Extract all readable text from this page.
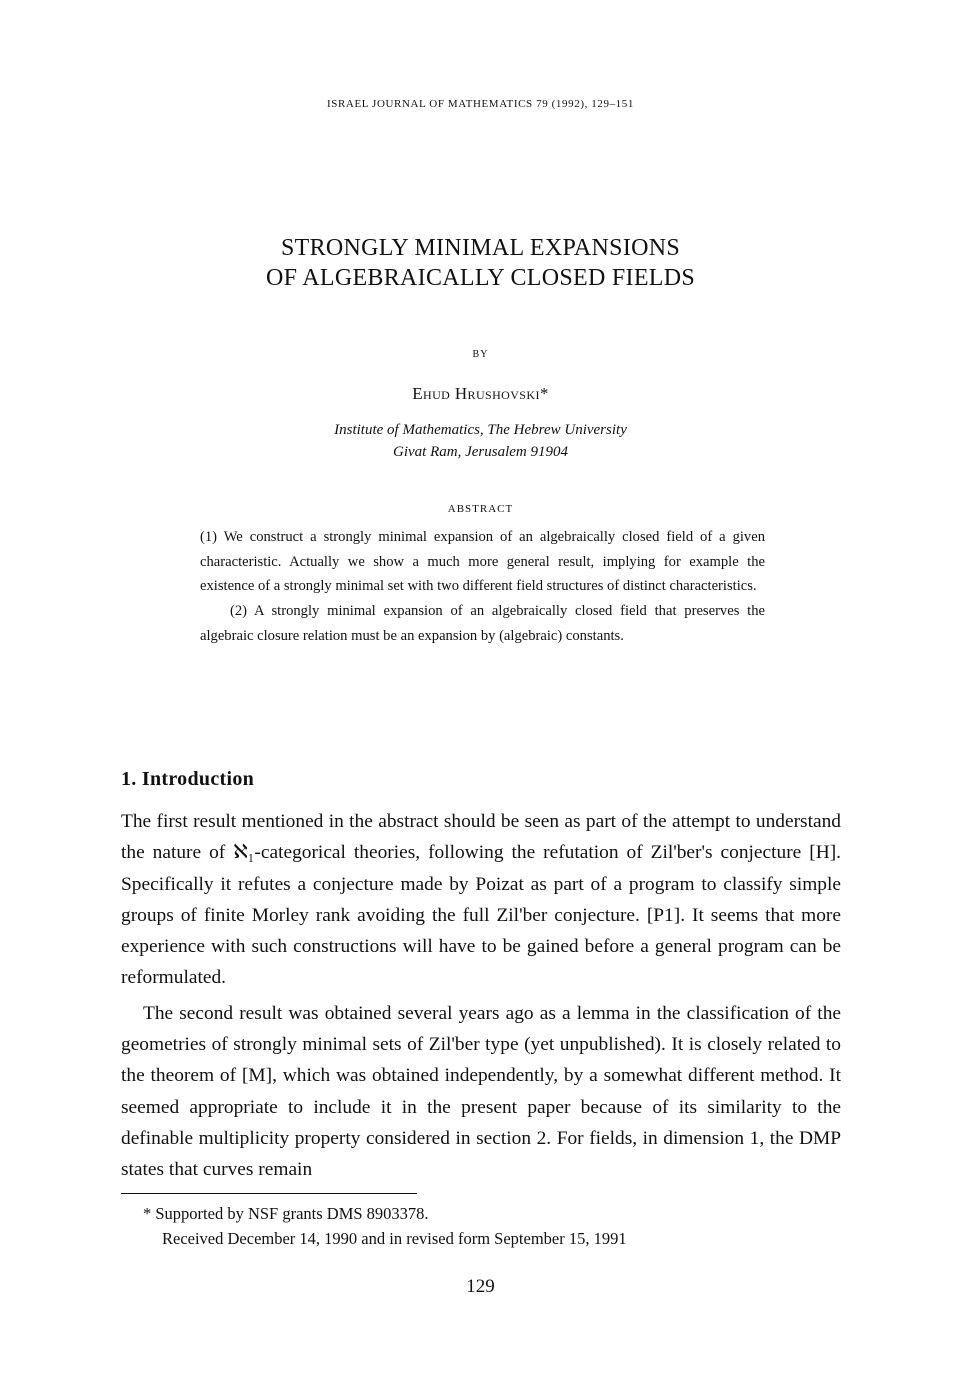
ISRAEL JOURNAL OF MATHEMATICS 79 (1992), 129–151
STRONGLY MINIMAL EXPANSIONS
OF ALGEBRAICALLY CLOSED FIELDS
BY
Ehud Hrushovski*
Institute of Mathematics, The Hebrew University
Givat Ram, Jerusalem 91904
ABSTRACT

(1) We construct a strongly minimal expansion of an algebraically closed field of a given characteristic. Actually we show a much more general result, implying for example the existence of a strongly minimal set with two different field structures of distinct characteristics.

(2) A strongly minimal expansion of an algebraically closed field that preserves the algebraic closure relation must be an expansion by (algebraic) constants.

1. Introduction

The first result mentioned in the abstract should be seen as part of the attempt to understand the nature of ℵ₁-categorical theories, following the refutation of Zil'ber's conjecture [H]. Specifically it refutes a conjecture made by Poizat as part of a program to classify simple groups of finite Morley rank avoiding the full Zil'ber conjecture. [P1]. It seems that more experience with such constructions will have to be gained before a general program can be reformulated.

The second result was obtained several years ago as a lemma in the classification of the geometries of strongly minimal sets of Zil'ber type (yet unpublished). It is closely related to the theorem of [M], which was obtained independently, by a somewhat different method. It seemed appropriate to include it in the present paper because of its similarity to the definable multiplicity property considered in section 2. For fields, in dimension 1, the DMP states that curves remain

* Supported by NSF grants DMS 8903378.
Received December 14, 1990 and in revised form September 15, 1991
129
